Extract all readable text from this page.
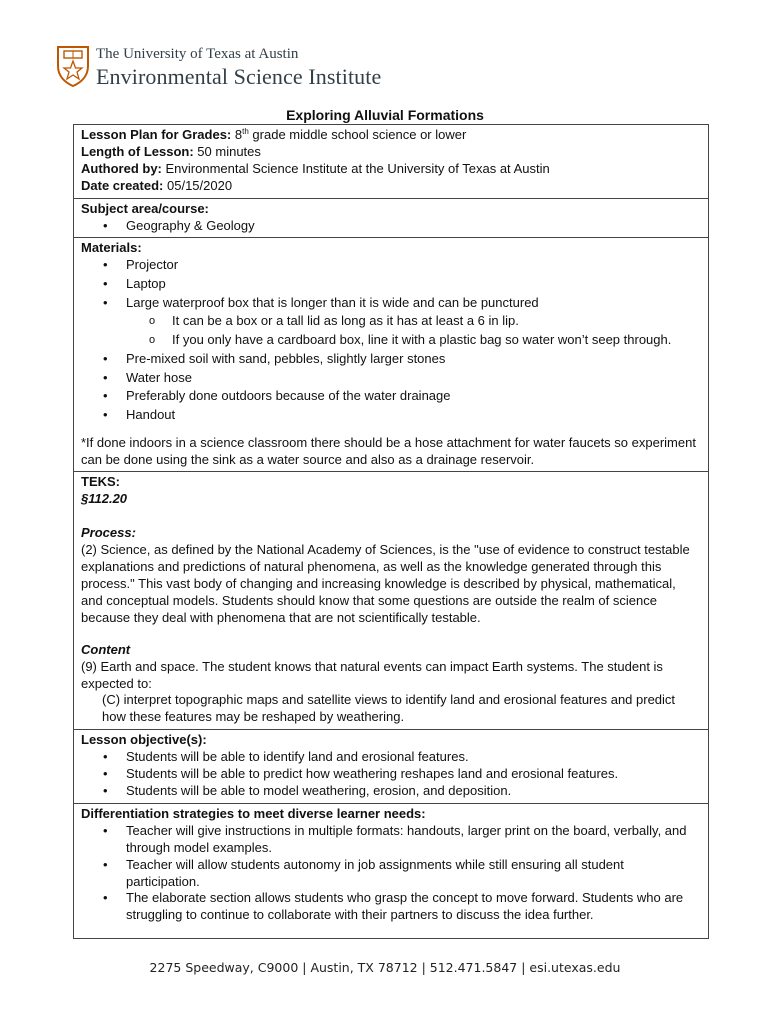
The University of Texas at Austin
Environmental Science Institute
Exploring Alluvial Formations
Lesson Plan for Grades: 8th grade middle school science or lower
Length of Lesson: 50 minutes
Authored by: Environmental Science Institute at the University of Texas at Austin
Date created: 05/15/2020
Subject area/course:
• Geography & Geology
Materials:
• Projector
• Laptop
• Large waterproof box that is longer than it is wide and can be punctured
o It can be a box or a tall lid as long as it has at least a 6 in lip.
o If you only have a cardboard box, line it with a plastic bag so water won’t seep through.
• Pre-mixed soil with sand, pebbles, slightly larger stones
• Water hose
• Preferably done outdoors because of the water drainage
• Handout
*If done indoors in a science classroom there should be a hose attachment for water faucets so experiment can be done using the sink as a water source and also as a drainage reservoir.
TEKS:
§112.20
Process:
(2) Science, as defined by the National Academy of Sciences, is the "use of evidence to construct testable explanations and predictions of natural phenomena, as well as the knowledge generated through this process." This vast body of changing and increasing knowledge is described by physical, mathematical, and conceptual models. Students should know that some questions are outside the realm of science because they deal with phenomena that are not scientifically testable.
Content
(9) Earth and space. The student knows that natural events can impact Earth systems. The student is expected to:
(C) interpret topographic maps and satellite views to identify land and erosional features and predict how these features may be reshaped by weathering.
Lesson objective(s):
• Students will be able to identify land and erosional features.
• Students will be able to predict how weathering reshapes land and erosional features.
• Students will be able to model weathering, erosion, and deposition.
Differentiation strategies to meet diverse learner needs:
• Teacher will give instructions in multiple formats: handouts, larger print on the board, verbally, and through model examples.
• Teacher will allow students autonomy in job assignments while still ensuring all student participation.
• The elaborate section allows students who grasp the concept to move forward. Students who are struggling to continue to collaborate with their partners to discuss the idea further.
2275 Speedway, C9000 | Austin, TX 78712 | 512.471.5847 | esi.utexas.edu
